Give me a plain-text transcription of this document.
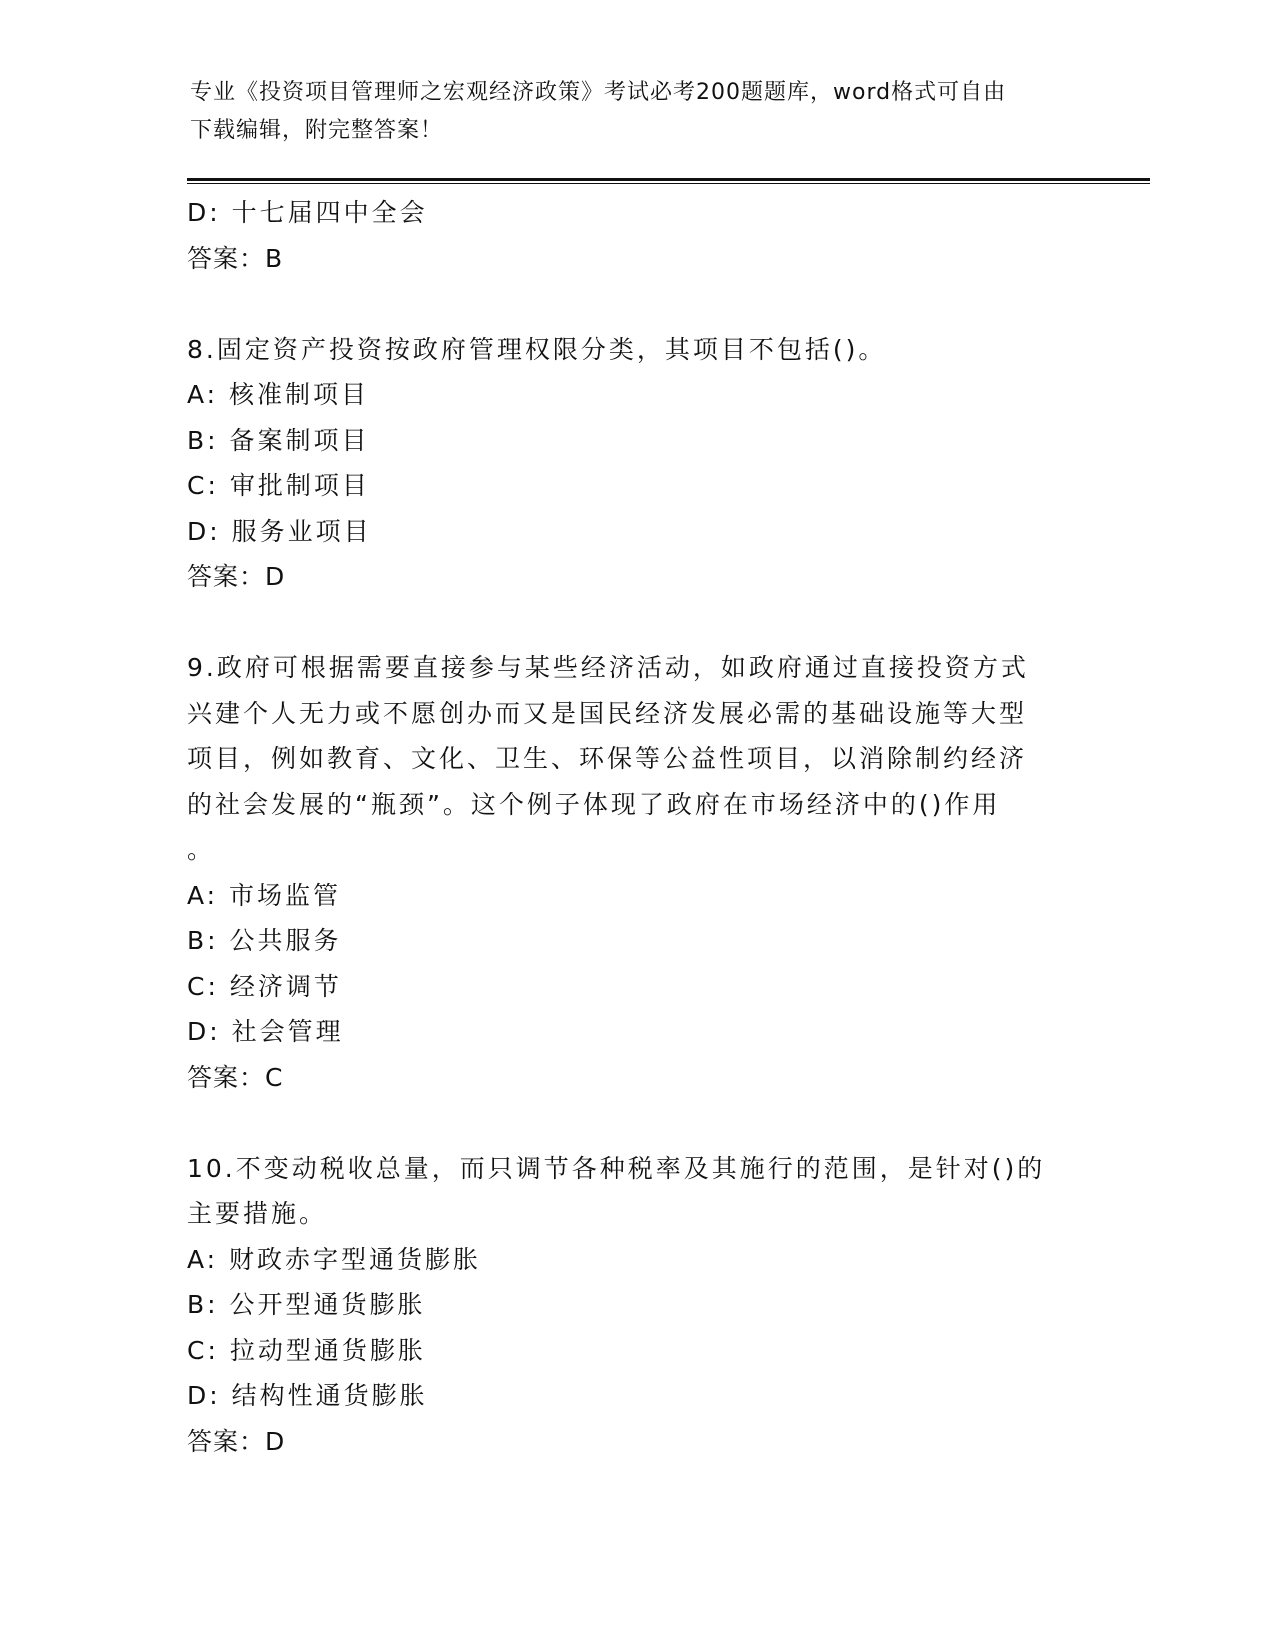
专业《投资项目管理师之宏观经济政策》考试必考200题题库，word格式可自由
下载编辑，附完整答案！
D: 十七届四中全会
答案：B
8.固定资产投资按政府管理权限分类，其项目不包括()。
A: 核准制项目
B: 备案制项目
C: 审批制项目
D: 服务业项目
答案：D
9.政府可根据需要直接参与某些经济活动，如政府通过直接投资方式
兴建个人无力或不愿创办而又是国民经济发展必需的基础设施等大型
项目，例如教育、文化、卫生、环保等公益性项目，以消除制约经济
的社会发展的“瓶颈”。这个例子体现了政府在市场经济中的()作用
。
A: 市场监管
B: 公共服务
C: 经济调节
D: 社会管理
答案：C
10.不变动税收总量，而只调节各种税率及其施行的范围，是针对()的
主要措施。
A: 财政赤字型通货膨胀
B: 公开型通货膨胀
C: 拉动型通货膨胀
D: 结构性通货膨胀
答案：D
